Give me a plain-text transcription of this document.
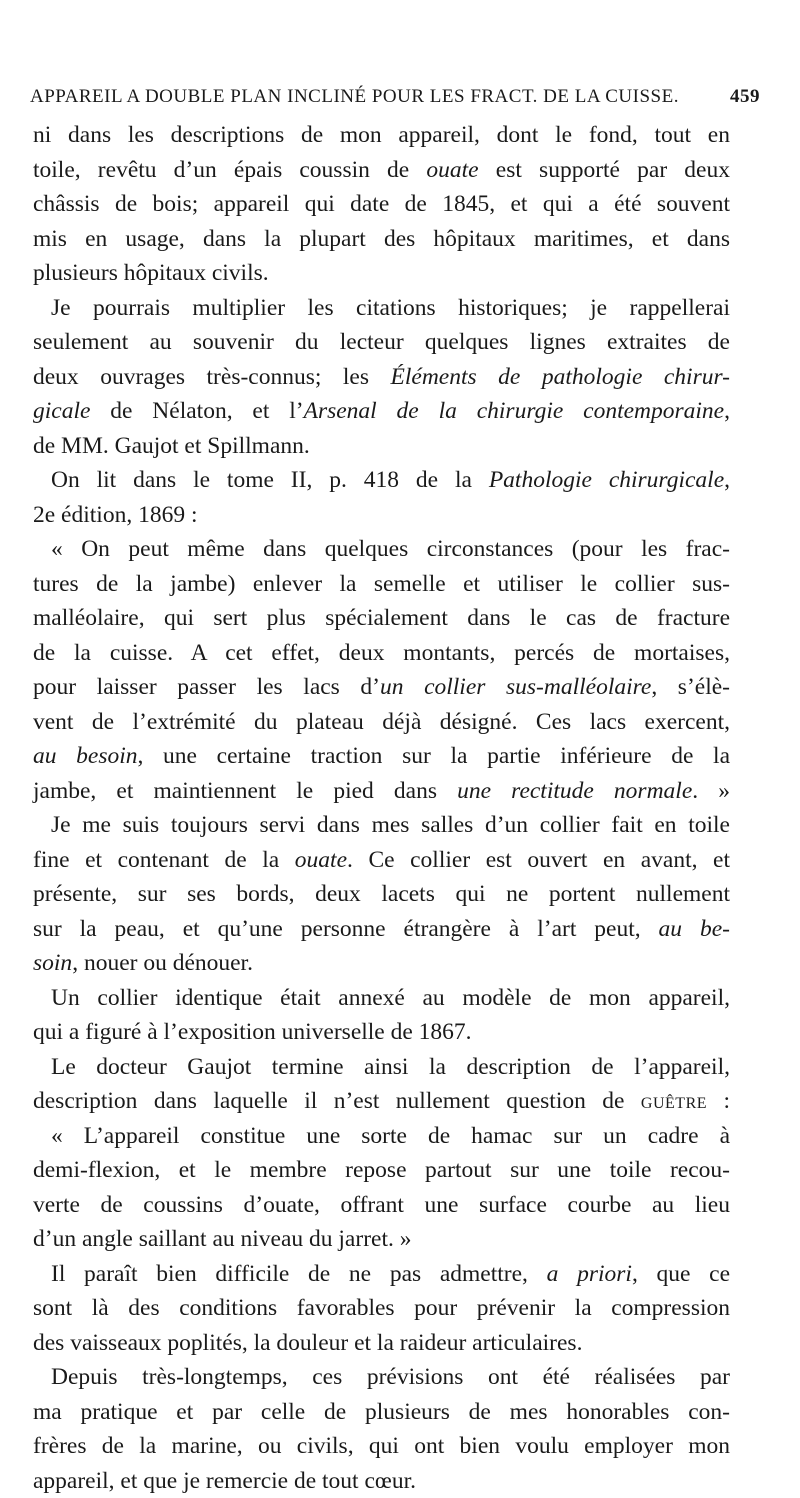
APPAREIL A DOUBLE PLAN INCLINÉ POUR LES FRACT. DE LA CUISSE.	459
ni dans les descriptions de mon appareil, dont le fond, tout en
toile, revêtu d’un épais coussin de ouate est supporté par deux
châssis de bois; appareil qui date de 1845, et qui a été souvent
mis en usage, dans la plupart des hôpitaux maritimes, et dans
plusieurs hôpitaux civils.
Je pourrais multiplier les citations historiques; je rappellerai
seulement au souvenir du lecteur quelques lignes extraites de
deux ouvrages très-connus; les Éléments de pathologie chirur-
gicale de Nélaton, et l’Arsenal de la chirurgie contemporaine,
de MM. Gaujot et Spillmann.
On lit dans le tome II, p. 418 de la Pathologie chirurgicale,
2e édition, 1869 :
« On peut même dans quelques circonstances (pour les frac-
tures de la jambe) enlever la semelle et utiliser le collier sus-
malléolaire, qui sert plus spécialement dans le cas de fracture
de la cuisse. A cet effet, deux montants, percés de mortaises,
pour laisser passer les lacs d’un collier sus-malléolaire, s’élè-
vent de l’extrémité du plateau déjà désigné. Ces lacs exercent,
au besoin, une certaine traction sur la partie inférieure de la
jambe, et maintiennent le pied dans une rectitude normale. »
Je me suis toujours servi dans mes salles d’un collier fait en toile
fine et contenant de la ouate. Ce collier est ouvert en avant, et
présente, sur ses bords, deux lacets qui ne portent nullement
sur la peau, et qu’une personne étrangère à l’art peut, au be-
soin, nouer ou dénouer.
Un collier identique était annexé au modèle de mon appareil,
qui a figuré à l’exposition universelle de 1867.
Le docteur Gaujot termine ainsi la description de l’appareil,
description dans laquelle il n’est nullement question de guêtre :
« L’appareil constitue une sorte de hamac sur un cadre à
demi-flexion, et le membre repose partout sur une toile recou-
verte de coussins d’ouate, offrant une surface courbe au lieu
d’un angle saillant au niveau du jarret. »
Il paraît bien difficile de ne pas admettre, a priori, que ce
sont là des conditions favorables pour prévenir la compression
des vaisseaux poplités, la douleur et la raideur articulaires.
Depuis très-longtemps, ces prévisions ont été réalisées par
ma pratique et par celle de plusieurs de mes honorables con-
frères de la marine, ou civils, qui ont bien voulu employer mon
appareil, et que je remercie de tout cœur.
